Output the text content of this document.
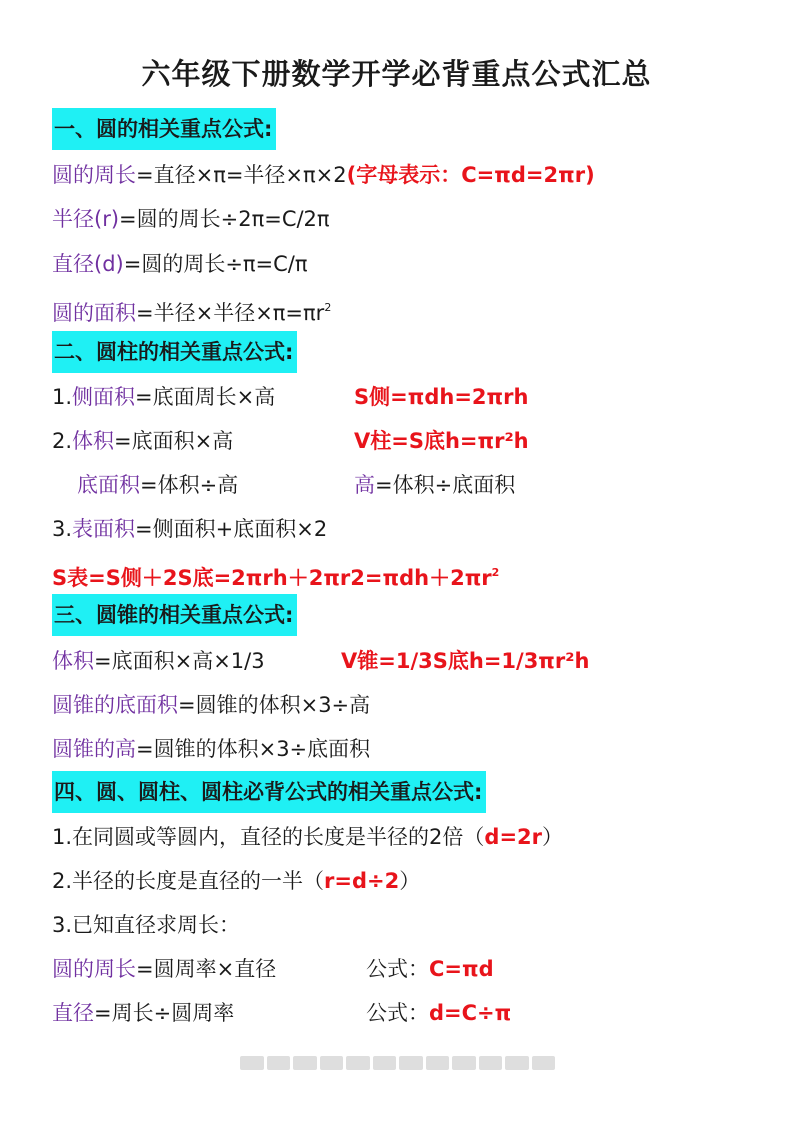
六年级下册数学开学必背重点公式汇总
一、圆的相关重点公式:
圆的周长=直径×π=半径×π×2(字母表示：C=πd=2πr)
半径(r)=圆的周长÷2π=C/2π
直径(d)=圆的周长÷π=C/π
圆的面积=半径×半径$\times\pi=\pi r^2$
二、圆柱的相关重点公式:
1.侧面积=底面周长×高	S侧=πdh=2πrh
2.体积=底面积×高	V柱=S底h=πr²h
底面积=体积÷高	高=体积÷底面积
3.表面积=侧面积+底面积×2
S表=S侧＋2S底$=2\pi rh+2\pi r2=\pi dh+2\pi r^2$
三、圆锥的相关重点公式:
体积=底面积×高×1/3	V锥=1/3S底h=1/3πr²h
圆锥的底面积=圆锥的体积×3÷高
圆锥的高=圆锥的体积×3÷底面积
四、圆、圆柱、圆柱必背公式的相关重点公式:
1.在同圆或等圆内，直径的长度是半径的2倍（d=2r）
2.半径的长度是直径的一半（r=d÷2）
3.已知直径求周长：
圆的周长=圆周率×直径	公式：C=πd
直径=周长÷圆周率	公式：d=C÷π
